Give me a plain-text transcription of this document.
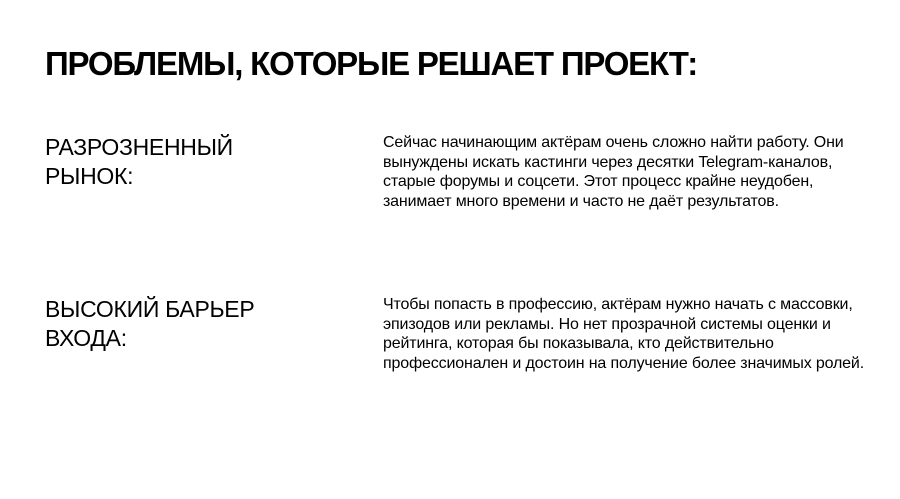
ПРОБЛЕМЫ, КОТОРЫЕ РЕШАЕТ ПРОЕКТ:
РАЗРОЗНЕННЫЙ РЫНОК:

Сейчас начинающим актёрам очень сложно найти работу. Они вынуждены искать кастинги через десятки Telegram-каналов, старые форумы и соцсети. Этот процесс крайне неудобен, занимает много времени и часто не даёт результатов.

ВЫСОКИЙ БАРЬЕР ВХОДА:

Чтобы попасть в профессию, актёрам нужно начать с массовки, эпизодов или рекламы. Но нет прозрачной системы оценки и рейтинга, которая бы показывала, кто действительно профессионален и достоин на получение более значимых ролей.
